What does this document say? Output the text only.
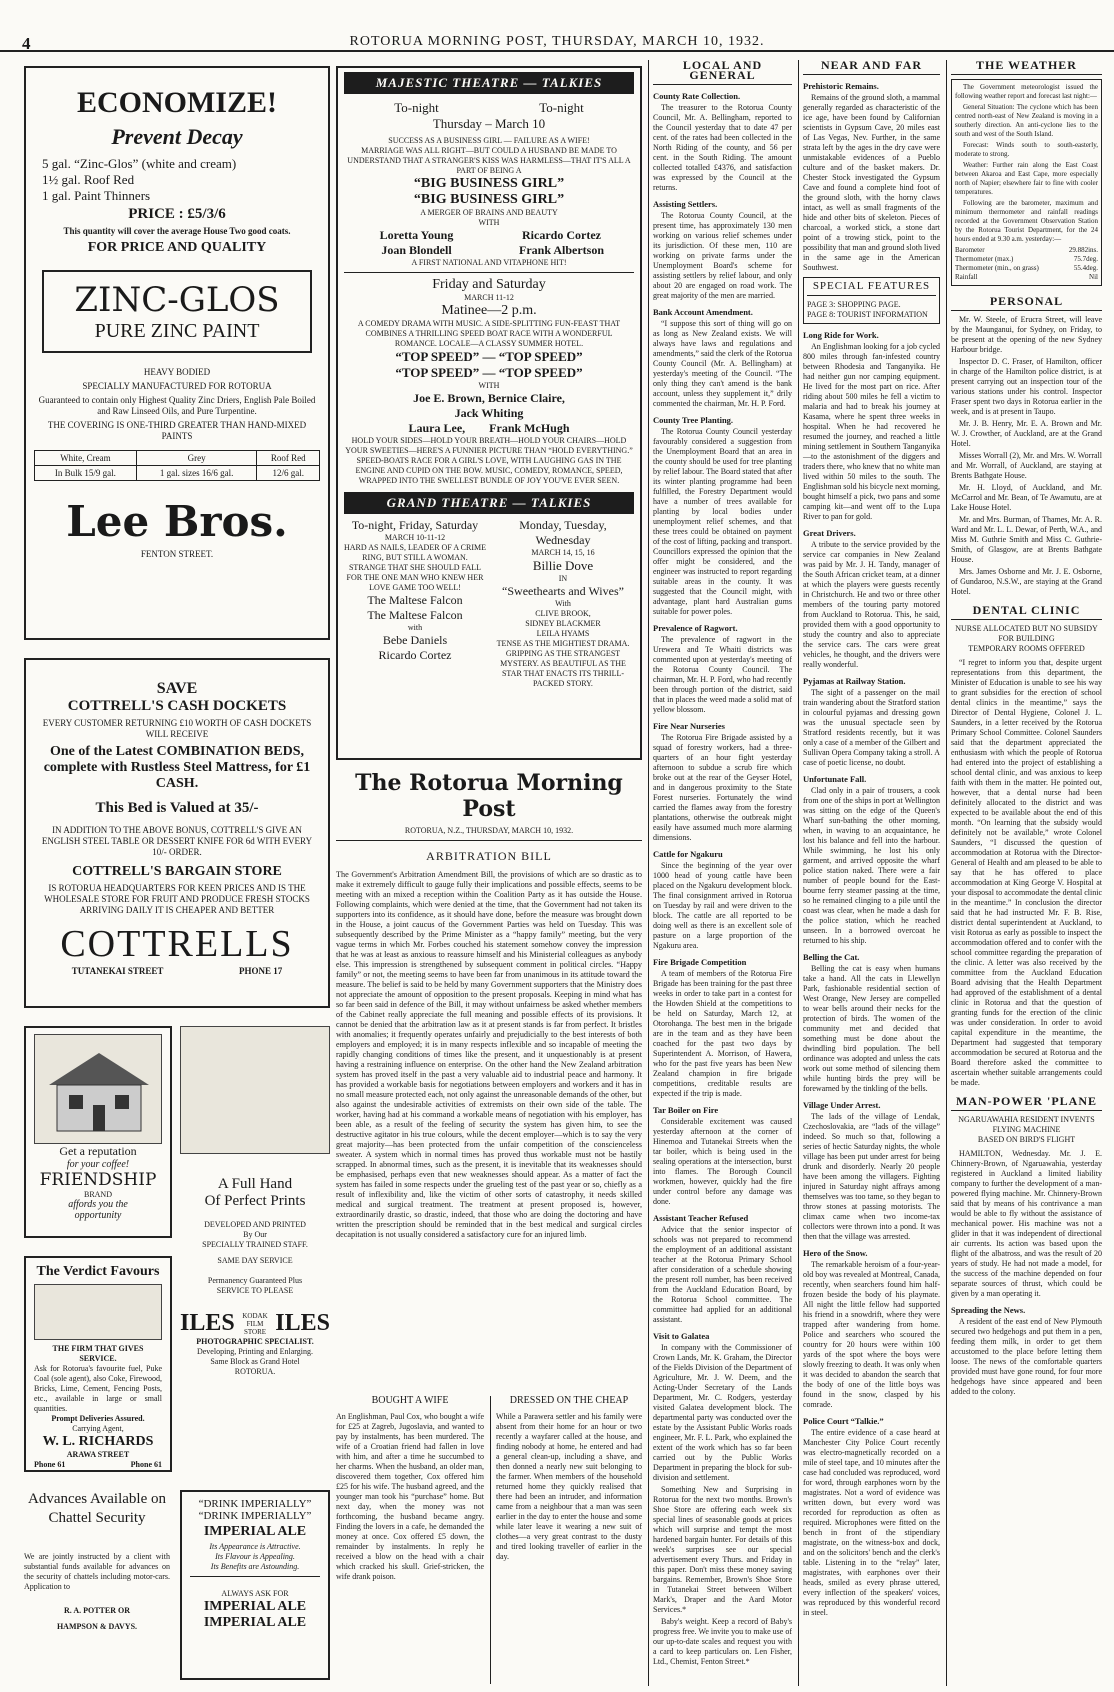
4	ROTORUA MORNING POST, THURSDAY, MARCH 10, 1932.
ECONOMIZE!
Prevent Decay
5 gal. “Zinc-Glos” (white and cream)
1½ gal. Roof Red
1 gal. Paint Thinners
PRICE : £5/3/6
This quantity will cover the average House Two good coats.
FOR PRICE AND QUALITY
ZINC-GLOS
PURE ZINC PAINT
HEAVY BODIED
SPECIALLY MANUFACTURED FOR ROTORUA
Guaranteed to contain only Highest Quality Zinc Driers, English Pale Boiled and Raw Linseed Oils, and Pure Turpentine.
THE COVERING IS ONE-THIRD GREATER THAN HAND-MIXED PAINTS
White, Cream	Grey	Roof Red
In Bulk 15/9 gal.	1 gal. sizes 16/6 gal.	12/6 gal.
Lee Bros.
FENTON STREET.
SAVE
COTTRELL'S CASH DOCKETS
EVERY CUSTOMER RETURNING £10 WORTH OF CASH DOCKETS WILL RECEIVE
One of the Latest COMBINATION BEDS, complete with Rustless Steel Mattress, for £1 CASH.
This Bed is Valued at 35/-
IN ADDITION TO THE ABOVE BONUS, COTTRELL'S GIVE AN ENGLISH STEEL TABLE OR DESSERT KNIFE FOR 6d WITH EVERY 10/- ORDER.
COTTRELL'S BARGAIN STORE
IS ROTORUA HEADQUARTERS FOR KEEN PRICES AND IS THE WHOLESALE STORE FOR FRUIT AND PRODUCE FRESH STOCKS ARRIVING DAILY IT IS CHEAPER AND BETTER
COTTRELLS
TUTANEKAI STREET	PHONE 17
Get a reputation
for your coffee!
FRIENDSHIP
BRAND
affords you the
opportunity
The Verdict Favours
THE FIRM THAT GIVES SERVICE.
Ask for Rotorua's favourite fuel, Puke Coal (sole agent), also Coke, Firewood, Bricks, Lime, Cement, Fencing Posts, etc., available in large or small quantities.
Prompt Deliveries Assured.
Carrying Agent,
W. L. RICHARDS
ARAWA STREET
Phone 61	Phone 61
A Full Hand
Of Perfect Prints
DEVELOPED AND PRINTED
By Our
SPECIALLY TRAINED STAFF.
SAME DAY SERVICE
Permanency Guaranteed Plus
SERVICE TO PLEASE
ILES	KODAK FILM STORE ILES
PHOTOGRAPHIC SPECIALIST.
Developing, Printing and Enlarging.
Same Block as Grand Hotel
ROTORUA.
Advances Available on Chattel Security
We are jointly instructed by a client with substantial funds available for advances on the security of chattels including motor-cars. Application to
R. A. POTTER OR
HAMPSON & DAVYS.
“DRINK IMPERIALLY”
“DRINK IMPERIALLY”
IMPERIAL ALE
Its Appearance is Attractive.
Its Flavour is Appealing.
Its Benefits are Astounding.
ALWAYS ASK FOR
IMPERIAL ALE
IMPERIAL ALE
MAJESTIC THEATRE — TALKIES
To-night	To-night
Thursday – March 10
SUCCESS AS A BUSINESS GIRL — FAILURE AS A WIFE!
MARRIAGE WAS ALL RIGHT—BUT COULD A HUSBAND BE MADE TO UNDERSTAND THAT A STRANGER'S KISS WAS HARMLESS—THAT IT'S ALL A PART OF BEING A
“BIG BUSINESS GIRL”
“BIG BUSINESS GIRL”
A MERGER OF BRAINS AND BEAUTY
WITH
Loretta Young	Ricardo Cortez
Joan Blondell	Frank Albertson
A FIRST NATIONAL AND VITAPHONE HIT!
Friday and Saturday
MARCH 11-12
Matinee—2 p.m.
A COMEDY DRAMA WITH MUSIC. A SIDE-SPLITTING FUN-FEAST THAT COMBINES A THRILLING SPEED BOAT RACE WITH A WONDERFUL ROMANCE. LOCALE—A CLASSY SUMMER HOTEL.
“TOP SPEED” — “TOP SPEED”
“TOP SPEED” — “TOP SPEED”
WITH
Joe E. Brown, Bernice Claire,
Jack Whiting
Laura Lee,        Frank McHugh
HOLD YOUR SIDES—HOLD YOUR BREATH—HOLD YOUR CHAIRS—HOLD YOUR SWEETIES—HERE'S A FUNNIER PICTURE THAN “HOLD EVERYTHING.”
SPEED-BOATS RACE FOR A GIRL'S LOVE, WITH LAUGHING GAS IN THE ENGINE AND CUPID ON THE BOW. MUSIC, COMEDY, ROMANCE, SPEED, WRAPPED INTO THE SWELLEST BUNDLE OF JOY YOU'VE EVER SEEN.
GRAND THEATRE — TALKIES
To-night, Friday, Saturday
MARCH 10-11-12
HARD AS NAILS, LEADER OF A CRIME RING, BUT STILL A WOMAN. STRANGE THAT SHE SHOULD FALL FOR THE ONE MAN WHO KNEW HER LOVE GAME TOO WELL!
The Maltese Falcon
The Maltese Falcon
with
Bebe Daniels
Ricardo Cortez
Monday, Tuesday, Wednesday
MARCH 14, 15, 16
Billie Dove
IN
“Sweethearts and Wives”
With
CLIVE BROOK,
SIDNEY BLACKMER
LEILA HYAMS
TENSE AS THE MIGHTIEST DRAMA. GRIPPING AS THE STRANGEST MYSTERY. AS BEAUTIFUL AS THE STAR THAT ENACTS ITS THRILL-PACKED STORY.
The Rotorua Morning Post
ROTORUA, N.Z., THURSDAY, MARCH 10, 1932.
ARBITRATION BILL
The Government's Arbitration Amendment Bill, the provisions of which are so drastic as to make it extremely difficult to gauge fully their implications and possible effects, seems to be meeting with an mixed a reception within the Coalition Party as it has outside the House. Following complaints, which were denied at the time, that the Government had not taken its supporters into its confidence, as it should have done, before the measure was brought down in the House, a joint caucus of the Government Parties was held on Tuesday. This was subsequently described by the Prime Minister as a “happy family” meeting, but the very vague terms in which Mr. Forbes couched his statement somehow convey the impression that he was at least as anxious to reassure himself and his Ministerial colleagues as anybody else. This impression is strengthened by subsequent comment in political circles. “Happy family” or not, the meeting seems to have been far from unanimous in its attitude toward the measure. The belief is said to be held by many Government supporters that the Ministry does not appreciate the amount of opposition to the present proposals. Keeping in mind what has so far been said in defence of the Bill, it may without unfairness be asked whether members of the Cabinet really appreciate the full meaning and possible effects of its provisions. It cannot be denied that the arbitration law as it at present stands is far from perfect. It bristles with anomalies; it frequently operates unfairly and prejudicially to the best interests of both employers and employed; it is in many respects inflexible and so incapable of meeting the rapidly changing conditions of times like the present, and it unquestionably is at present having a restraining influence on enterprise. On the other hand the New Zealand arbitration system has proved itself in the past a very valuable aid to industrial peace and harmony. It has provided a workable basis for negotiations between employers and workers and it has in no small measure protected each, not only against the unreasonable demands of the other, but also against the undesirable activities of extremists on their own side of the table. The worker, having had at his command a workable means of negotiation with his employer, has been able, as a result of the feeling of security the system has given him, to see the destructive agitator in his true colours, while the decent employer—which is to say the very great majority—has been protected from the unfair competition of the conscienceless sweater. A system which in normal times has proved thus workable must not be hastily scrapped. In abnormal times, such as the present, it is inevitable that its weaknesses should be emphasised, perhaps even that new weaknesses should appear. As a matter of fact the system has failed in some respects under the grueling test of the past year or so, chiefly as a result of inflexibility and, like the victim of other sorts of catastrophy, it needs skilled medical and surgical treatment. The treatment at present proposed is, however, extraordinarily drastic, so drastic, indeed, that those who are doing the doctoring and have written the prescription should be reminded that in the best medical and surgical circles decapitation is not usually considered a satisfactory cure for an injured limb.
BOUGHT A WIFE
An Englishman, Paul Cox, who bought a wife for £25 at Zagreb, Jugoslavia, and wanted to pay by instalments, has been murdered. The wife of a Croatian friend had fallen in love with him, and after a time he succumbed to her charms. When the husband, an older man, discovered them together, Cox offered him £25 for his wife. The husband agreed, and the younger man took his “purchase” home. But next day, when the money was not forthcoming, the husband became angry. Finding the lovers in a cafe, he demanded the money at once. Cox offered £5 down, the remainder by instalments. In reply he received a blow on the head with a chair which cracked his skull. Grief-stricken, the wife drank poison.
DRESSED ON THE CHEAP
While a Parawera settler and his family were absent from their home for an hour or two recently a wayfarer called at the house, and finding nobody at home, he entered and had a general clean-up, including a shave, and then donned a nearly new suit belonging to the farmer. When members of the household returned home they quickly realised that there had been an intruder, and information came from a neighbour that a man was seen earlier in the day to enter the house and some while later leave it wearing a new suit of clothes—a very great contrast to the dusty and tired looking traveller of earlier in the day.
LOCAL AND GENERAL
County Rate Collection.

The treasurer to the Rotorua County Council, Mr. A. Bellingham, reported to the Council yesterday that to date 47 per cent. of the rates had been collected in the North Riding of the county, and 56 per cent. in the South Riding. The amount collected totalled £4376, and satisfaction was expressed by the Council at the returns.

Assisting Settlers.

The Rotorua County Council, at the present time, has approximately 130 men working on various relief schemes under its jurisdiction. Of these men, 110 are working on private farms under the Unemployment Board's scheme for assisting settlers by relief labour, and only about 20 are engaged on road work. The great majority of the men are married.

Bank Account Amendment.

“I suppose this sort of thing will go on as long as New Zealand exists. We will always have laws and regulations and amendments,” said the clerk of the Rotorua County Council (Mr. A. Bellingham) at yesterday's meeting of the Council. “The only thing they can't amend is the bank account, unless they supplement it,” drily commented the chairman, Mr. H. P. Ford.

County Tree Planting.

The Rotorua County Council yesterday favourably considered a suggestion from the Unemployment Board that an area in the county should be used for tree planting by relief labour. The Board stated that after its winter planting programme had been fulfilled, the Forestry Department would have a number of trees available for planting by local bodies under unemployment relief schemes, and that these trees could be obtained on payment of the cost of lifting, packing and transport. Councillors expressed the opinion that the offer might be considered, and the engineer was instructed to report regarding suitable areas in the county. It was suggested that the Council might, with advantage, plant hard Australian gums suitable for power poles.

Prevalence of Ragwort.

The prevalence of ragwort in the Urewera and Te Whaiti districts was commented upon at yesterday's meeting of the Rotorua County Council. The chairman, Mr. H. P. Ford, who had recently been through portion of the district, said that in places the weed made a solid mat of yellow blossom.

Fire Near Nurseries

The Rotorua Fire Brigade assisted by a squad of forestry workers, had a three-quarters of an hour fight yesterday afternoon to subdue a scrub fire which broke out at the rear of the Geyser Hotel, and in dangerous proximity to the State Forest nurseries. Fortunately the wind carried the flames away from the forestry plantations, otherwise the outbreak might easily have assumed much more alarming dimensions.

Cattle for Ngakuru

Since the beginning of the year over 1000 head of young cattle have been placed on the Ngakuru development block. The final consignment arrived in Rotorua on Tuesday by rail and were driven to the block. The cattle are all reported to be doing well as there is an excellent sole of pasture on a large proportion of the Ngakuru area.

Fire Brigade Competition

A team of members of the Rotorua Fire Brigade has been training for the past three weeks in order to take part in a contest for the Howden Shield at the competitions to be held on Saturday, March 12, at Otorohanga. The best men in the brigade are in the team and as they have been coached for the past two days by Superintendent A. Morrison, of Hawera, who for the past five years has been New Zealand champion in fire brigade competitions, creditable results are expected if the trip is made.

Tar Boiler on Fire

Considerable excitement was caused yesterday afternoon at the corner of Hinemoa and Tutanekai Streets when the tar boiler, which is being used in the sealing operations at the intersection, burst into flames. The Borough Council workmen, however, quickly had the fire under control before any damage was done.

Assistant Teacher Refused

Advice that the senior inspector of schools was not prepared to recommend the employment of an additional assistant teacher at the Rotorua Primary School after consideration of a schedule showing the present roll number, has been received from the Auckland Education Board, by the Rotorua School committee. The committee had applied for an additional assistant.

Visit to Galatea

In company with the Commissioner of Crown Lands, Mr. K. Graham, the Director of the Fields Division of the Department of Agriculture, Mr. J. W. Deem, and the Acting-Under Secretary of the Lands Department, Mr. C. Rodgers, yesterday visited Galatea development block. The departmental party was conducted over the estate by the Assistant Public Works roads engineer, Mr. F. L. Park, who explained the extent of the work which has so far been carried out by the Public Works Department in preparing the block for sub-division and settlement.

Something New and Surprising in Rotorua for the next two months. Brown's Shoe Store are offering each week six special lines of seasonable goods at prices which will surprise and tempt the most hardened bargain hunter. For details of this week's surprises see our special advertisement every Thurs. and Friday in this paper. Don't miss these money saving bargains. Remember, Brown's Shoe Store in Tutanekai Street between Wilbert Mark's, Draper and the Aard Motor Services.*

Baby's weight. Keep a record of Baby's progress free. We invite you to make use of our up-to-date scales and request you with a card to keep particulars on. Len Fisher, Ltd., Chemist, Fenton Street.*

NEAR AND FAR
Prehistoric Remains.

Remains of the ground sloth, a mammal generally regarded as characteristic of the ice age, have been found by Californian scientists in Gypsum Cave, 20 miles east of Las Vegas, Nev. Further, in the same strata left by the ages in the dry cave were unmistakable evidences of a Pueblo culture and of the basket makers. Dr. Chester Stock investigated the Gypsum Cave and found a complete hind foot of the ground sloth, with the horny claws intact, as well as small fragments of the hide and other bits of skeleton. Pieces of charcoal, a worked stick, a stone dart point of a trowing stick, point to the possibility that man and ground sloth lived in the same age in the American Southwest.

SPECIAL FEATURES
PAGE 3: SHOPPING PAGE.
PAGE 8: TOURIST INFORMATION
Long Ride for Work.

An Englishman looking for a job cycled 800 miles through fan-infested country between Rhodesia and Tanganyika. He had neither gun nor camping equipment. He lived for the most part on rice. After riding about 500 miles he fell a victim to malaria and had to break his journey at Kasama, where he spent three weeks in hospital. When he had recovered he resumed the journey, and reached a little mining settlement in Southern Tanganyika—to the astonishment of the diggers and traders there, who knew that no white man lived within 50 miles to the south. The Englishman sold his bicycle next morning, bought himself a pick, two pans and some camping kit—and went off to the Lupa River to pan for gold.

Great Drivers.

A tribute to the service provided by the service car companies in New Zealand was paid by Mr. J. H. Tandy, manager of the South African cricket team, at a dinner at which the players were guests recently in Christchurch. He and two or three other members of the touring party motored from Auckland to Rotorua. This, he said, provided them with a good opportunity to study the country and also to appreciate the service cars. The cars were great vehicles, he thought, and the drivers were really wonderful.

Pyjamas at Railway Station.

The sight of a passenger on the mail train wandering about the Stratford station in colourful pyjamas and dressing gown was the unusual spectacle seen by Stratford residents recently, but it was only a case of a member of the Gilbert and Sullivan Opera Company taking a stroll. A case of poetic license, no doubt.

Unfortunate Fall.

Clad only in a pair of trousers, a cook from one of the ships in port at Wellington was sitting on the edge of the Queen's Wharf sun-bathing the other morning, when, in waving to an acquaintance, he lost his balance and fell into the harbour. While swimming, he lost his only garment, and arrived opposite the wharf police station naked. There were a fair number of people bound for the East-bourne ferry steamer passing at the time, so he remained clinging to a pile until the coast was clear, when he made a dash for the police station, which he reached unseen. In a borrowed overcoat he returned to his ship.

Belling the Cat.

Belling the cat is easy when humans take a hand. All the cats in Llewellyn Park, fashionable residential section of West Orange, New Jersey are compelled to wear bells around their necks for the protection of birds. The women of the community met and decided that something must be done about the dwindling bird population. The bell ordinance was adopted and unless the cats work out some method of silencing them while hunting birds the prey will be forewarned by the tinkling of the bells.

Village Under Arrest.

The lads of the village of Lendak, Czechoslovakia, are “lads of the village” indeed. So much so that, following a series of hectic Saturday nights, the whole village has been put under arrest for being drunk and disorderly. Nearly 20 people have been among the villagers. Fighting injured in Saturday night affrays among themselves was too tame, so they began to throw stones at passing motorists. The climax came when two income-tax collectors were thrown into a pond. It was then that the village was arrested.

Hero of the Snow.

The remarkable heroism of a four-year-old boy was revealed at Montreal, Canada, recently, when searchers found him half-frozen beside the body of his playmate. All night the little fellow had supported his friend in a snowdrift, where they were trapped after wandering from home. Police and searchers who scoured the country for 20 hours were within 100 yards of the spot where the boys were slowly freezing to death. It was only when it was decided to abandon the search that the body of one of the little boys was found in the snow, clasped by his comrade.

Police Court “Talkie.”

The entire evidence of a case heard at Manchester City Police Court recently was electro-magnetically recorded on a mile of steel tape, and 10 minutes after the case had concluded was reproduced, word for word, through earphones worn by the magistrates. Not a word of evidence was written down, but every word was recorded for reproduction as often as required. Microphones were fitted on the bench in front of the stipendiary magistrate, on the witness-box and dock, and on the solicitors' bench and the clerk's table. Listening in to the “relay” later, magistrates, with earphones over their heads, smiled as every phrase uttered, every inflection of the speakers' voices, was reproduced by this wonderful record in steel.

THE WEATHER

The Government meteorologist issued the following weather report and forecast last night:—

General Situation: The cyclone which has been centred north-east of New Zealand is moving in a southerly direction. An anti-cyclone lies to the south and west of the South Island.

Forecast: Winds south to south-easterly, moderate to strong.

Weather: Further rain along the East Coast between Akaroa and East Cape, more especially north of Napier; elsewhere fair to fine with cooler temperatures.

Following are the barometer, maximum and minimum thermometer and rainfall readings recorded at the Government Observation Station by the Rotorua Tourist Department, for the 24 hours ended at 9.30 a.m. yesterday:—

Barometer	29.882ins.
Thermometer (max.)	75.7deg.
Thermometer (min., on grass)	55.4deg.
Rainfall	Nil
PERSONAL

Mr. W. Steele, of Erucra Street, will leave by the Maunganui, for Sydney, on Friday, to be present at the opening of the new Sydney Harbour bridge.

Inspector D. C. Fraser, of Hamilton, officer in charge of the Hamilton police district, is at present carrying out an inspection tour of the various stations under his control. Inspector Fraser spent two days in Rotorua earlier in the week, and is at present in Taupo.

Mr. J. B. Henry, Mr. E. A. Brown and Mr. W. J. Crowther, of Auckland, are at the Grand Hotel.

Misses Worrall (2), Mr. and Mrs. W. Worrall and Mr. Worrall, of Auckland, are staying at Brents Bathgate House.

Mr. H. Lloyd, of Auckland, and Mr. McCarrol and Mr. Bean, of Te Awamutu, are at Lake House Hotel.

Mr. and Mrs. Burman, of Thames, Mr. A. R. Ward and Mr. L. L. Dewar, of Perth, W.A., and Miss M. Guthrie Smith and Miss C. Guthrie-Smith, of Glasgow, are at Brents Bathgate House.

Mrs. James Osborne and Mr. J. E. Osborne, of Gundaroo, N.S.W., are staying at the Grand Hotel.

DENTAL CLINIC
NURSE ALLOCATED BUT NO SUBSIDY FOR BUILDING
TEMPORARY ROOMS OFFERED

“I regret to inform you that, despite urgent representations from this department, the Minister of Education is unable to see his way to grant subsidies for the erection of school dental clinics in the meantime,” says the Director of Dental Hygiene, Colonel J. L. Saunders, in a letter received by the Rotorua Primary School Committee. Colonel Saunders said that the department appreciated the enthusiasm with which the people of Rotorua had entered into the project of establishing a school dental clinic, and was anxious to keep faith with them in the matter. He pointed out, however, that a dental nurse had been definitely allocated to the district and was expected to be available about the end of this month. “On learning that the subsidy would definitely not be available,” wrote Colonel Saunders, “I discussed the question of accommodation at Rotorua with the Director-General of Health and am pleased to be able to say that he has offered to place accommodation at King George V. Hospital at your disposal to accommodate the dental clinic in the meantime.” In conclusion the director said that he had instructed Mr. F. B. Rise, district dental superintendent at Auckland, to visit Rotorua as early as possible to inspect the accommodation offered and to confer with the school committee regarding the preparation of the clinic. A letter was also received by the committee from the Auckland Education Board advising that the Health Department had approved of the establishment of a dental clinic in Rotorua and that the question of granting funds for the erection of the clinic was under consideration. In order to avoid capital expenditure in the meantime, the Department had suggested that temporary accommodation be secured at Rotorua and the Board therefore asked the committee to ascertain whether suitable arrangements could be made.

MAN-POWER 'PLANE
NGARUAWAHIA RESIDENT INVENTS FLYING MACHINE
BASED ON BIRD'S FLIGHT

HAMILTON, Wednesday. Mr. J. E. Chinnery-Brown, of Ngaruawahia, yesterday registered in Auckland a limited liability company to further the development of a man-powered flying machine. Mr. Chinnery-Brown said that by means of his contrivance a man would be able to fly without the assistance of mechanical power. His machine was not a glider in that it was independent of directional air currents. Its action was based upon the flight of the albatross, and was the result of 20 years of study. He had not made a model, for the success of the machine depended on four separate sources of thrust, which could be given by a man operating it.

Spreading the News.

A resident of the east end of New Plymouth secured two hedgehogs and put them in a pen, feeding them milk, in order to get them accustomed to the place before letting them loose. The news of the comfortable quarters provided must have gone round, for four more hedgehogs have since appeared and been added to the colony.
